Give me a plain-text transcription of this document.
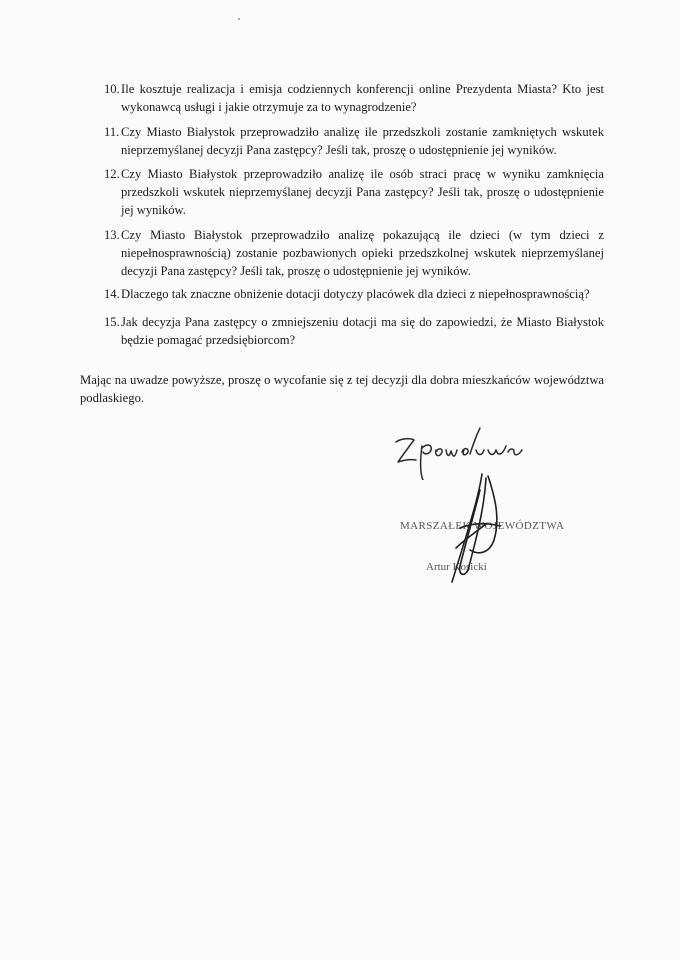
10. Ile kosztuje realizacja i emisja codziennych konferencji online Prezydenta Miasta? Kto jest wykonawcą usługi i jakie otrzymuje za to wynagrodzenie?
11. Czy Miasto Białystok przeprowadziło analizę ile przedszkoli zostanie zamkniętych wskutek nieprzemyślanej decyzji Pana zastępcy? Jeśli tak, proszę o udostępnienie jej wyników.
12. Czy Miasto Białystok przeprowadziło analizę ile osób straci pracę w wyniku zamknięcia przedszkoli wskutek nieprzemyślanej decyzji Pana zastępcy? Jeśli tak, proszę o udostępnienie jej wyników.
13. Czy Miasto Białystok przeprowadziło analizę pokazującą ile dzieci (w tym dzieci z niepełnosprawnością) zostanie pozbawionych opieki przedszkolnej wskutek nieprzemyślanej decyzji Pana zastępcy? Jeśli tak, proszę o udostępnienie jej wyników.
14. Dlaczego tak znaczne obniżenie dotacji dotyczy placówek dla dzieci z niepełnosprawnością?
15. Jak decyzja Pana zastępcy o zmniejszeniu dotacji ma się do zapowiedzi, że Miasto Białystok będzie pomagać przedsiębiorcom?

Mając na uwadze powyższe, proszę o wycofanie się z tej decyzji dla dobra mieszkańców województwa podlaskiego.

MARSZAŁEK WOJEWÓDZTWA
Artur Kosicki
